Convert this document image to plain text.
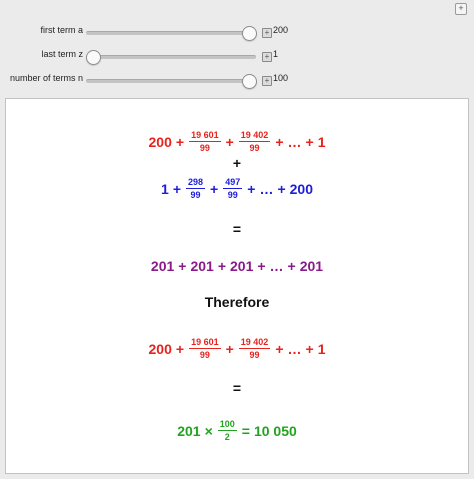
+
first term a	+ 200
last term z	+ 1
number of terms n	+ 100
$200 + \frac{19 601}{99} + \frac{19 402}{99}$ + … + 1
+
$1 + \frac{298}{99} + \frac{497}{99}$ + … + 200
=
201 + 201 + 201 + … + 201
Therefore
$200 + \frac{19 601}{99} + \frac{19 402}{99}$ + … + 1
=
$201 \times \frac{100}{2} = 10$ 050
